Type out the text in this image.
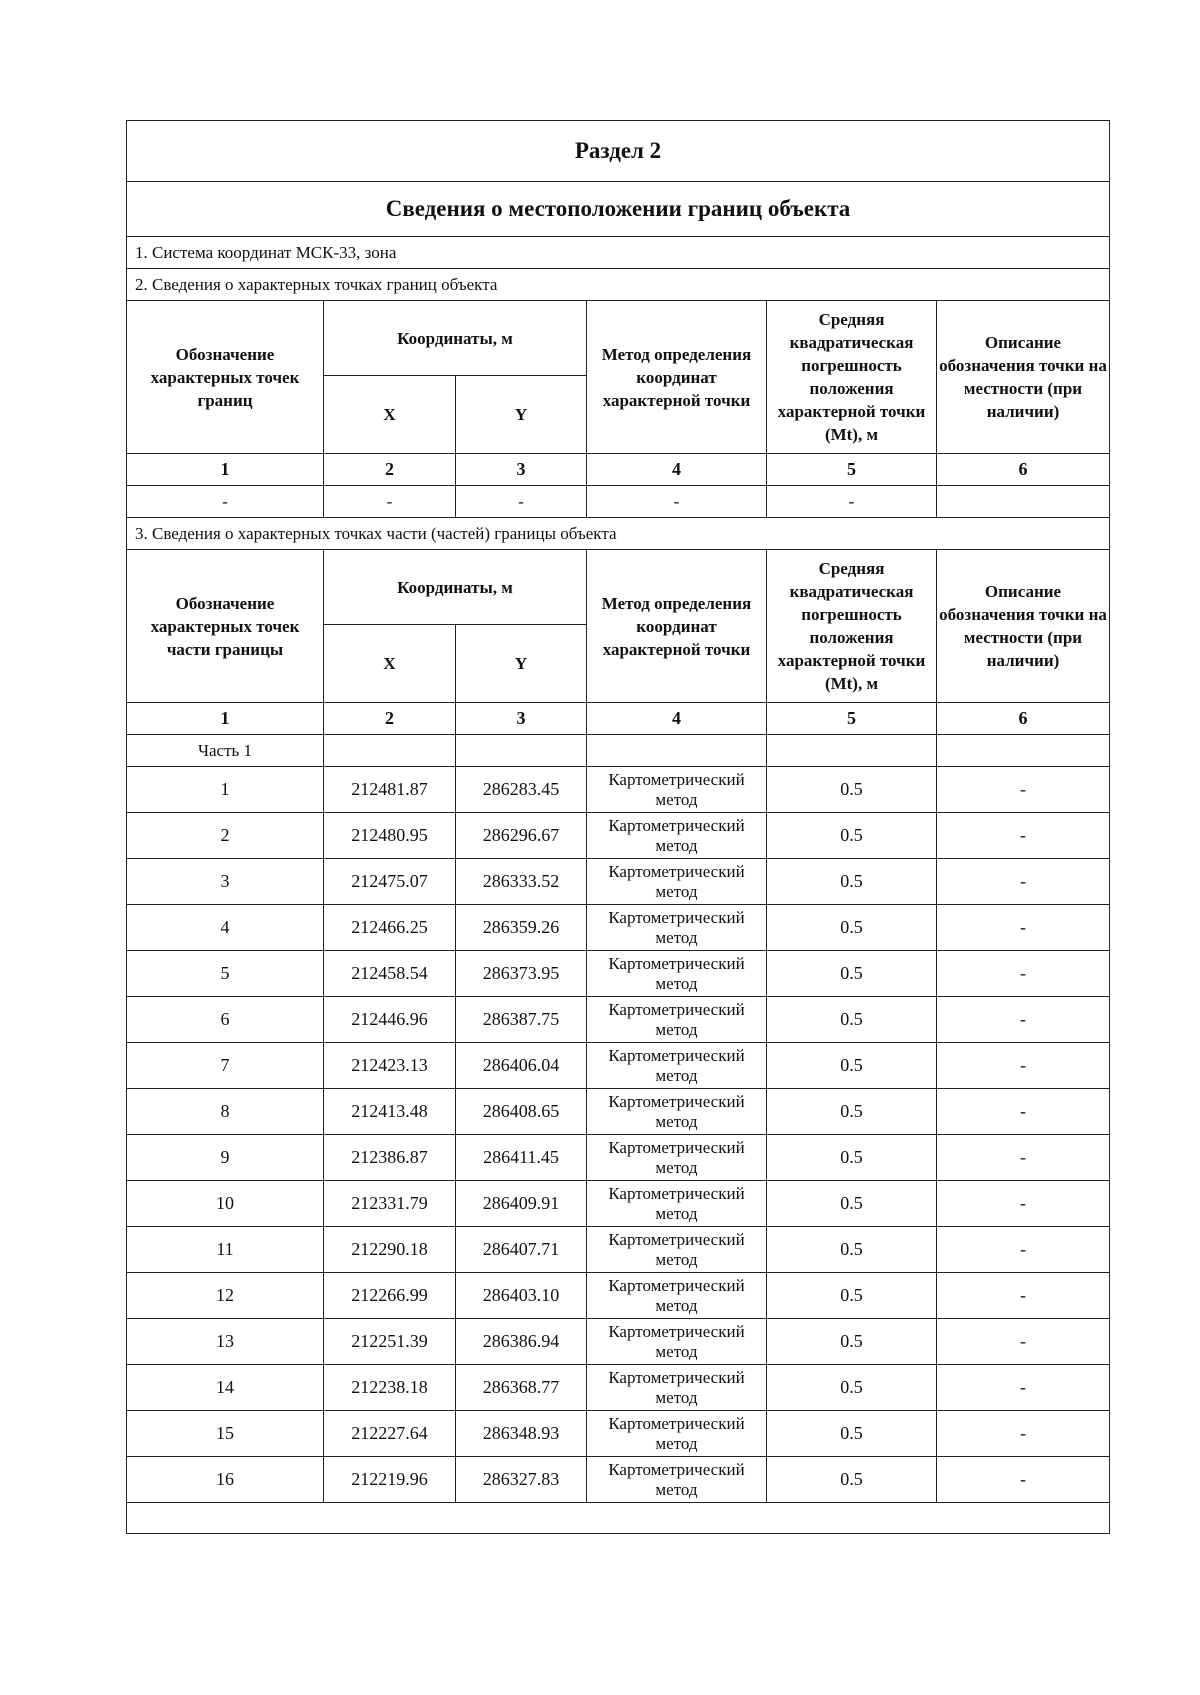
Раздел 2					
Сведения о местоположении границ объекта					
1. Система координат МСК-33, зона					
2. Сведения о характерных точках границ объекта					
Обозначение характерных точек границ	Координаты, м		Метод определения координат характерной точки	Средняя квадратическая погрешность положения характерной точки (Mt), м	Описание обозначения точки на местности (при наличии)
	X	Y			
1	2	3	4	5	6
-	-	-	-	-	
3. Сведения о характерных точках части (частей) границы объекта					
Обозначение характерных точек части границы	Координаты, м		Метод определения координат характерной точки	Средняя квадратическая погрешность положения характерной точки (Mt), м	Описание обозначения точки на местности (при наличии)
	X	Y			
1	2	3	4	5	6
Часть 1					
1	212481.87	286283.45	Картометрический метод	0.5	-
2	212480.95	286296.67	Картометрический метод	0.5	-
3	212475.07	286333.52	Картометрический метод	0.5	-
4	212466.25	286359.26	Картометрический метод	0.5	-
5	212458.54	286373.95	Картометрический метод	0.5	-
6	212446.96	286387.75	Картометрический метод	0.5	-
7	212423.13	286406.04	Картометрический метод	0.5	-
8	212413.48	286408.65	Картометрический метод	0.5	-
9	212386.87	286411.45	Картометрический метод	0.5	-
10	212331.79	286409.91	Картометрический метод	0.5	-
11	212290.18	286407.71	Картометрический метод	0.5	-
12	212266.99	286403.10	Картометрический метод	0.5	-
13	212251.39	286386.94	Картометрический метод	0.5	-
14	212238.18	286368.77	Картометрический метод	0.5	-
15	212227.64	286348.93	Картометрический метод	0.5	-
16	212219.96	286327.83	Картометрический метод	0.5	-
